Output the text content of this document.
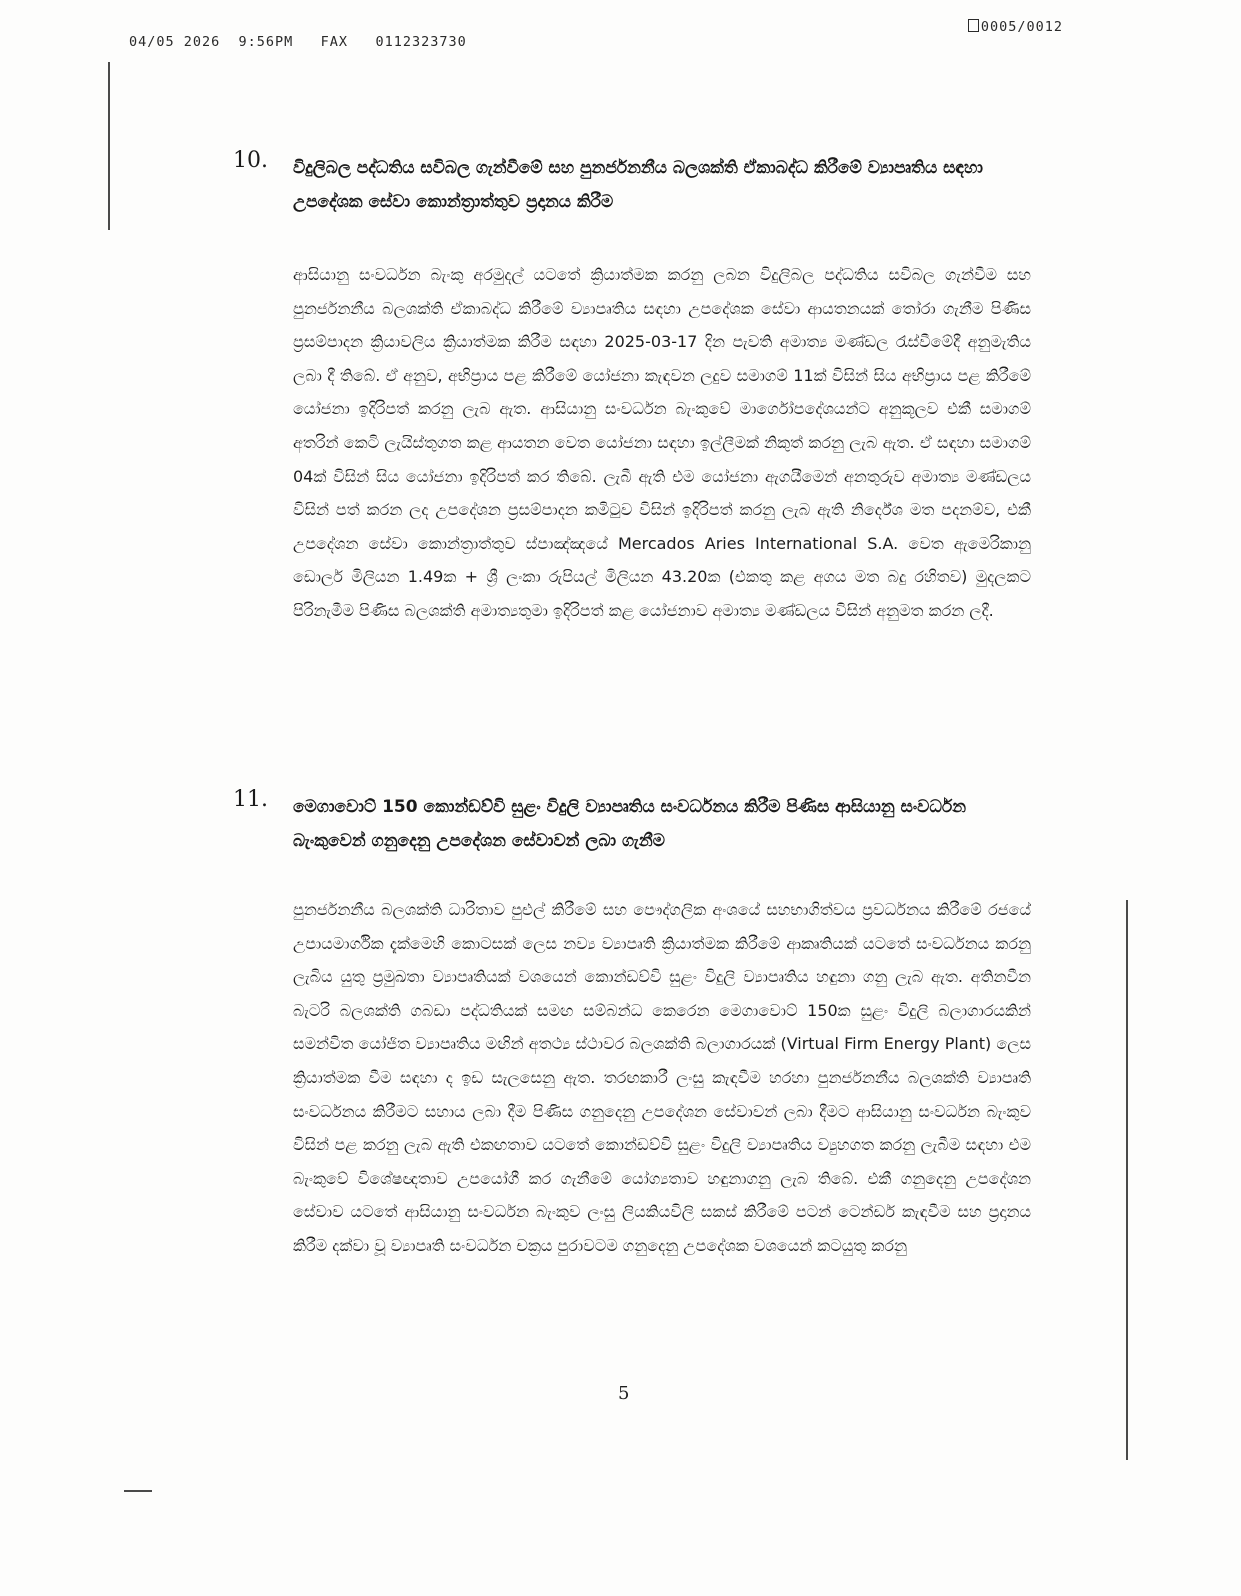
04/05 2026  9:56PM   FAX   0112323730
0005/0012
10. විදුලිබල පද්ධතිය සවිබල ගැන්වීමේ සහ පුනර්ජනනීය බලශක්ති ඒකාබද්ධ කිරීමේ ව්‍යාපෘතිය සඳහා උපදේශක සේවා කොන්ත්‍රාත්තුව ප්‍රදානය කිරීම
ආසියානු සංවර්ධන බැංකු අරමුදල් යටතේ ක්‍රියාත්මක කරනු ලබන විදුලිබල පද්ධතිය සවිබල ගැන්වීම සහ පුනර්ජනනීය බලශක්ති ඒකාබද්ධ කිරීමේ ව්‍යාපෘතිය සඳහා උපදේශක සේවා ආයතනයක් තෝරා ගැනීම පිණිස ප්‍රසම්පාදන ක්‍රියාවලිය ක්‍රියාත්මක කිරීම සඳහා 2025-03-17 දින පැවති අමාත්‍ය මණ්ඩල රැස්වීමේදී අනුමැතිය ලබා දී තිබේ. ඒ අනුව, අභිප්‍රාය පළ කිරීමේ යෝජනා කැඳවන ලදුව සමාගම් 11ක් විසින් සිය අභිප්‍රාය පළ කිරීමේ යෝජනා ඉදිරිපත් කරනු ලැබ ඇත. ආසියානු සංවර්ධන බැංකුවේ මාර්ගෝපදේශයන්ට අනුකූලව එකී සමාගම් අතරින් කෙටි ලැයිස්තුගත කළ ආයතන වෙත යෝජනා සඳහා ඉල්ලීමක් නිකුත් කරනු ලැබ ඇත. ඒ සඳහා සමාගම් 04ක් විසින් සිය යෝජනා ඉදිරිපත් කර තිබේ. ලැබී ඇති එම යෝජනා ඇගයීමෙන් අනතුරුව අමාත්‍ය මණ්ඩලය විසින් පත් කරන ලද උපදේශන ප්‍රසම්පාදන කමිටුව විසින් ඉදිරිපත් කරනු ලැබ ඇති නිර්දේශ මත පදනම්ව, එකී උපදේශන සේවා කොන්ත්‍රාත්තුව ස්පාඤ්ඤයේ Mercados Aries International S.A. වෙත ඇමෙරිකානු ඩොලර් මිලියන 1.49ක + ශ්‍රී ලංකා රුපියල් මිලියන 43.20ක (එකතු කළ අගය මත බදු රහිතව) මුදලකට පිරිනැමීම පිණිස බලශක්ති අමාත්‍යතුමා ඉදිරිපත් කළ යෝජනාව අමාත්‍ය මණ්ඩලය විසින් අනුමත කරන ලදී.
11. මෙගාවොට් 150 කොන්ඩව්වි සුළං විදුලි ව්‍යාපෘතිය සංවර්ධනය කිරීම පිණිස ආසියානු සංවර්ධන බැංකුවෙන් ගනුදෙනු උපදේශන සේවාවන් ලබා ගැනීම
පුනර්ජනනීය බලශක්ති ධාරිතාව පුළුල් කිරීමේ සහ පෞද්ගලික අංශයේ සහභාගිත්වය ප්‍රවර්ධනය කිරීමේ රජයේ උපායමාර්ගික දැක්මෙහි කොටසක් ලෙස නව්‍ය ව්‍යාපෘති ක්‍රියාත්මක කිරීමේ ආකෘතියක් යටතේ සංවර්ධනය කරනු ලැබිය යුතු ප්‍රමුඛතා ව්‍යාපෘතියක් වශයෙන් කොන්ඩව්වි සුළං විදුලි ව්‍යාපෘතිය හඳුනා ගනු ලැබ ඇත. අතිනවීන බැටරි බලශක්ති ගබඩා පද්ධතියක් සමඟ සම්බන්ධ කෙරෙන මෙගාවොට් 150ක සුළං විදුලි බලාගාරයකින් සමන්විත යෝජිත ව්‍යාපෘතිය මඟින් අතථ්‍ය ස්ථාවර බලශක්ති බලාගාරයක් (Virtual Firm Energy Plant) ලෙස ක්‍රියාත්මක වීම සඳහා ද ඉඩ සැලසෙනු ඇත. තරඟකාරී ලංසු කැඳවීම හරහා පුනර්ජනනීය බලශක්ති ව්‍යාපෘති සංවර්ධනය කිරීමට සහාය ලබා දීම පිණිස ගනුදෙනු උපදේශන සේවාවන් ලබා දීමට ආසියානු සංවර්ධන බැංකුව විසින් පළ කරනු ලැබ ඇති එකඟතාව යටතේ කොන්ඩව්වි සුළං විදුලි ව්‍යාපෘතිය ව්‍යුහගත කරනු ලැබීම සඳහා එම බැංකුවේ විශේෂඥතාව උපයෝගී කර ගැනීමේ යෝග්‍යතාව හඳුනාගනු ලැබ තිබේ. එකී ගනුදෙනු උපදේශන සේවාව යටතේ ආසියානු සංවර්ධන බැංකුව ලංසු ලියකියවිලි සකස් කිරීමේ පටන් ටෙන්ඩර් කැඳවීම සහ ප්‍රදානය කිරීම දක්වා වූ ව්‍යාපෘති සංවර්ධන චක්‍රය පුරාවටම ගනුදෙනු උපදේශක වශයෙන් කටයුතු කරනු
5
